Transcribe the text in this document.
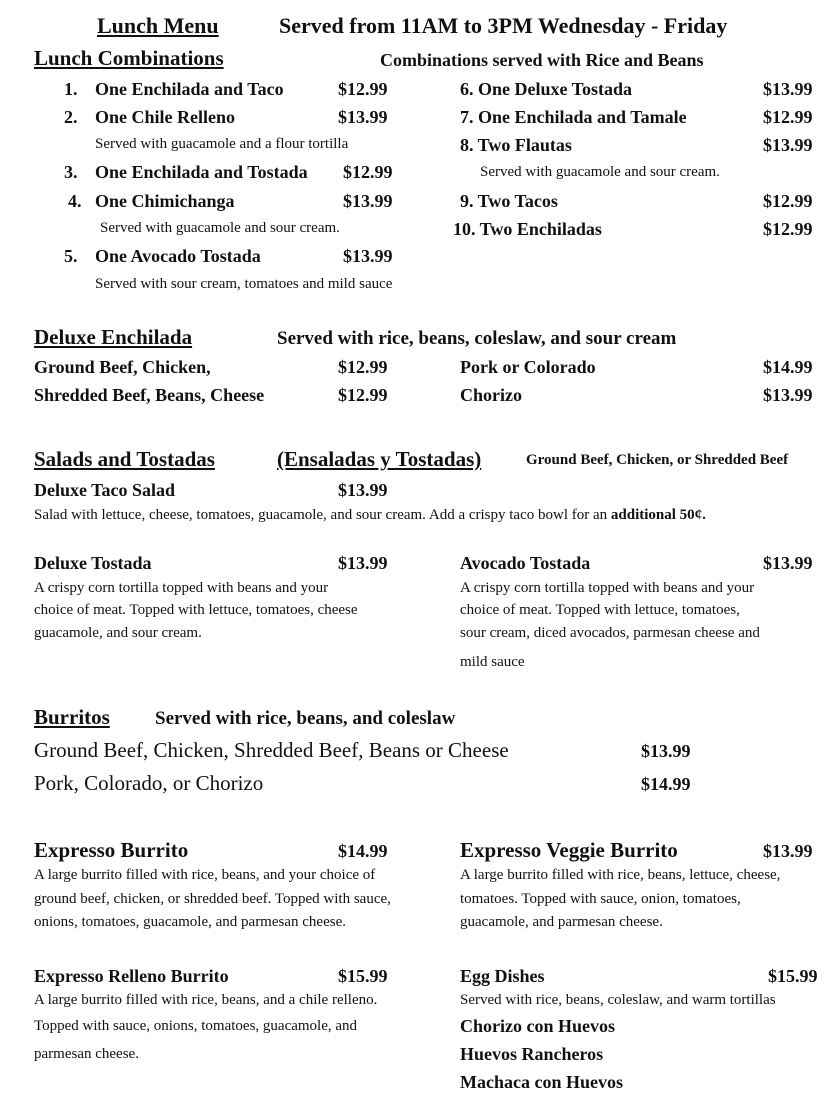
Lunch Menu	Served from 11AM to 3PM Wednesday - Friday
Lunch Combinations	Combinations served with Rice and Beans
1. One Enchilada and Taco	$12.99
2. One Chile Relleno	$13.99
Served with guacamole and a flour tortilla
3. One Enchilada and Tostada $12.99
4. One Chimichanga	$13.99
Served with guacamole and sour cream.
5. One Avocado Tostada	$13.99
Served with sour cream, tomatoes and mild sauce
6. One Deluxe Tostada	$13.99
7. One Enchilada and Tamale	$12.99
8. Two Flautas	$13.99
Served with guacamole and sour cream.
9. Two Tacos	$12.99
10. Two Enchiladas	$12.99
Deluxe Enchilada	Served with rice, beans, coleslaw, and sour cream
Ground Beef, Chicken,	$12.99
Shredded Beef, Beans, Cheese	$12.99
Pork or Colorado	$14.99
Chorizo	$13.99
Salads and Tostadas	(Ensaladas y Tostadas)	Ground Beef, Chicken, or Shredded Beef
Deluxe Taco Salad	$13.99
Salad with lettuce, cheese, tomatoes, guacamole, and sour cream. Add a crispy taco bowl for an additional 50¢.
Deluxe Tostada	$13.99
A crispy corn tortilla topped with beans and your
choice of meat. Topped with lettuce, tomatoes, cheese
guacamole, and sour cream.
Avocado Tostada	$13.99
A crispy corn tortilla topped with beans and your
choice of meat. Topped with lettuce, tomatoes,
sour cream, diced avocados, parmesan cheese and
mild sauce
Burritos Served with rice, beans, and coleslaw
Ground Beef, Chicken, Shredded Beef, Beans or Cheese	$13.99
Pork, Colorado, or Chorizo	$14.99
Expresso Burrito	$14.99
A large burrito filled with rice, beans, and your choice of
ground beef, chicken, or shredded beef. Topped with sauce,
onions, tomatoes, guacamole, and parmesan cheese.
Expresso Veggie Burrito	$13.99
A large burrito filled with rice, beans, lettuce, cheese,
tomatoes. Topped with sauce, onion, tomatoes,
guacamole, and parmesan cheese.
Expresso Relleno Burrito	$15.99
A large burrito filled with rice, beans, and a chile relleno.
Topped with sauce, onions, tomatoes, guacamole, and
parmesan cheese.
Egg Dishes	$15.99
Served with rice, beans, coleslaw, and warm tortillas
Chorizo con Huevos
Huevos Rancheros
Machaca con Huevos
